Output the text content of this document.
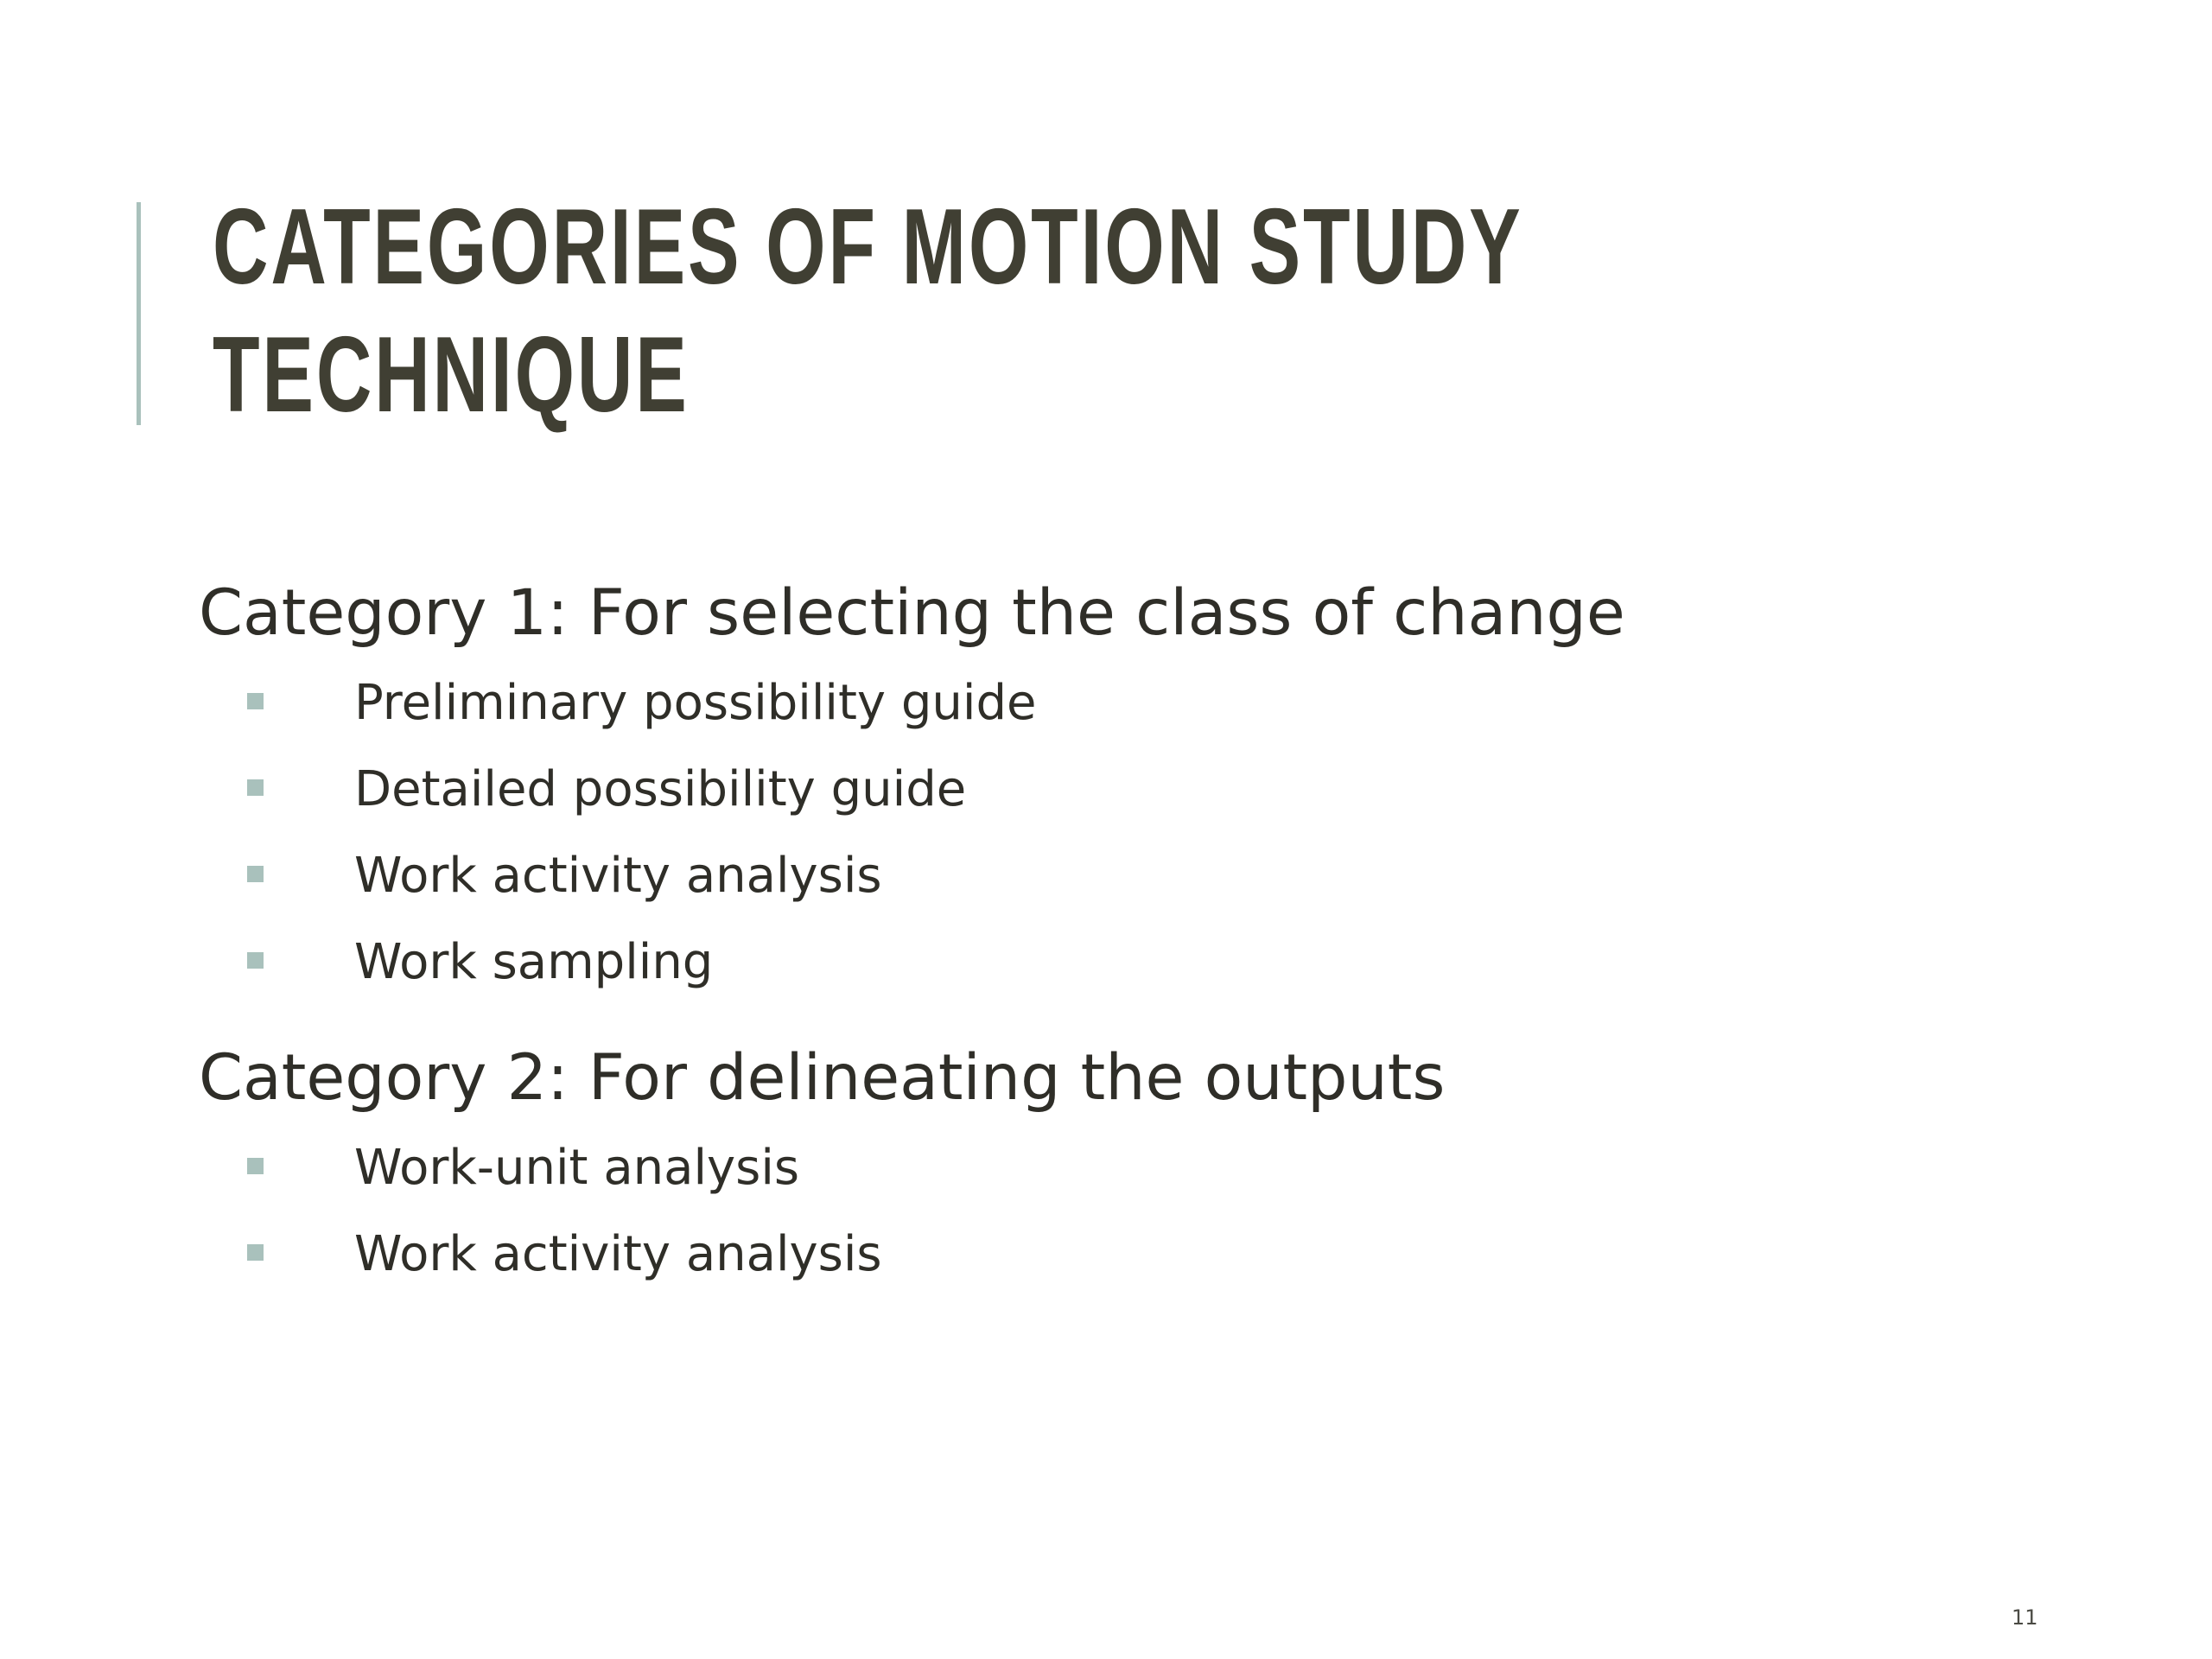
CATEGORIES OF MOTION STUDY
TECHNIQUE
Category 1: For selecting the class of change
Preliminary possibility guide
Detailed possibility guide
Work activity analysis
Work sampling
Category 2: For delineating the outputs
Work-unit analysis
Work activity analysis
11
